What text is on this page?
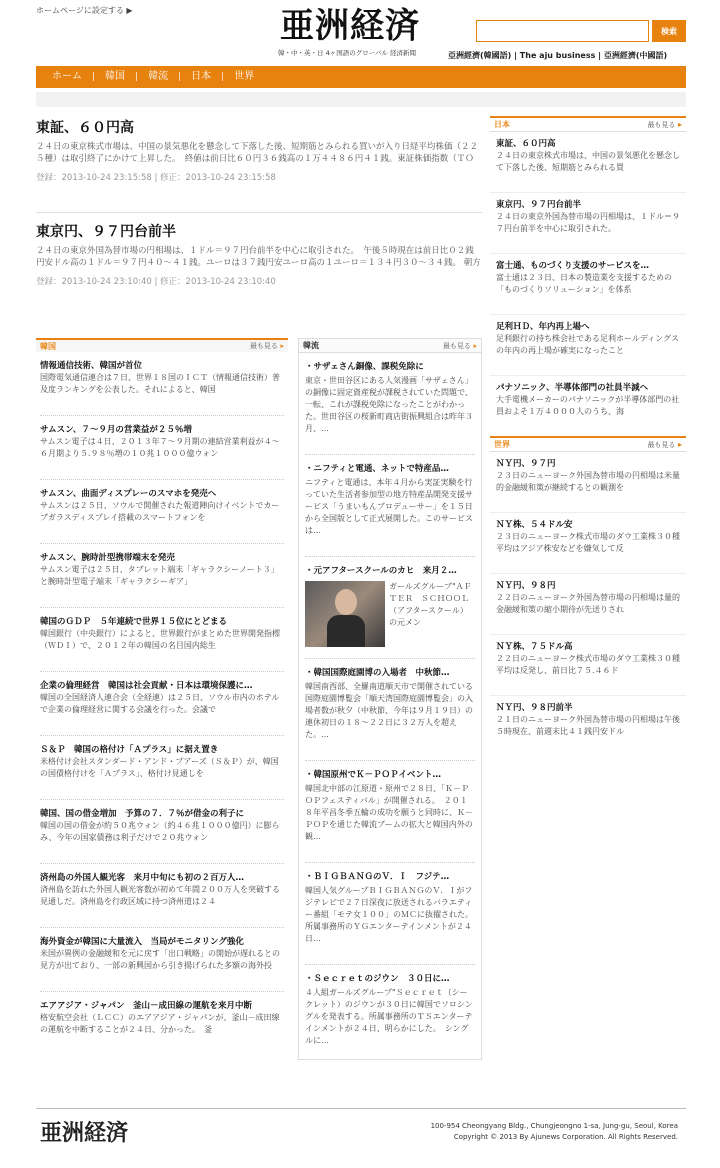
ホームページに設定する ▶	亜洲経済
韓・中・英・日 4ヶ国語のグローバル 経済新聞
検索
亞洲經濟(韓國語) | The aju business | 亞洲經濟(中國語)
ホーム	|	韓国	|	韓流	|	日本	|	世界
東証、６０円高

２４日の東京株式市場は、中国の景気悪化を懸念して下落した後、短期筋とみられる買いが入り日経平均株価（２２５種）は取引終了にかけて上昇した。　終値は前日比６０円３６銭高の１万４４８６円４１銭。東証株価指数（ＴＯ

登録：2013-10-24 23:15:58 | 修正：2013-10-24 23:15:58
東京円、９７円台前半

２４日の東京外国為替市場の円相場は、１ドル＝９７円台前半を中心に取引された。　午後５時現在は前日比０２銭円安ドル高の１ドル＝９７円４０～４１銭。ユーロは３７銭円安ユーロ高の１ユーロ＝１３４円３０～３４銭。 朝方

登録：2013-10-24 23:10:40 | 修正：2013-10-24 23:10:40
韓国	最も見る ▸
情報通信技術、韓国が首位
国際電気通信連合は７日、世界１８国のＩＣＴ（情報通信技術）普及度ランキングを公表した。それによると、韓国
サムスン、７～９月の営業益が２５％増
サムスン電子は４日、２０１３年７～９月期の連結営業利益が４～６月期より５.９８％増の１０兆１０００億ウォン
サムスン、曲面ディスプレーのスマホを発売へ
サムスンは２５日、ソウルで開催された報道陣向けイベントでカーブガラスディスプレイ搭載のスマートフォンを
サムスン、腕時計型携帯端末を発売
サムスン電子は２５日、タブレット端末「ギャラクシーノート３」と腕時計型電子端末「ギャラクシーギア」
韓国のＧＤＰ　５年連続で世界１５位にとどまる
韓国銀行（中央銀行）によると、世界銀行がまとめた世界開発指標（ＷＤＩ）で、２０１２年の韓国の名目国内総生
企業の倫理経営　韓国は社会貢献・日本は環境保護に…
韓国の全国経済人連合会（全経連）は２５日、ソウル市内のホテルで企業の倫理経営に関する会議を行った。会議で
Ｓ＆Ｐ　韓国の格付け「Ａプラス」に据え置き
米格付け会社スタンダード・アンド・プアーズ（Ｓ＆Ｐ）が、韓国の国債格付けを「Ａプラス」、格付け見通しを
韓国、国の借金増加　予算の７．７％が借金の利子に
韓国の国の借金が約５０兆ウォン（約４６兆１０００億円）に膨らみ、今年の国家債務は利子だけで２０兆ウォン
済州島の外国人観光客　来月中旬にも初の２百万人…
済州島を訪れた外国人観光客数が初めて年間２００万人を突破する見通しだ。済州島を行政区域に持つ済州道は２４
海外資金が韓国に大量流入　当局がモニタリング強化
米国が異例の金融緩和を元に戻す「出口戦略」の開始が遅れるとの見方が出ており、一部の新興国から引き揚げられた多額の海外投
エアアジア・ジャパン　釜山－成田線の運航を来月中断
格安航空会社（ＬＣＣ）のエアアジア・ジャパンが、釜山－成田線の運航を中断することが２４日、分かった。　釜
韓流	最も見る ▸
・サザェさん銅像、課税免除に
東京・世田谷区にある人気漫画「サザェさん」の銅像に固定資産税が課税されていた問題で、一転、これが課税免除になったことがわかった。世田谷区の桜新町商店街振興組合は昨年３月、…
・ニフティと電通、ネットで特産品…
ニフティと電通は、本年４月から実証実験を行っていた生活者参加型の地方特産品開発支援サービス「うまいもんプロデューサー」を１５日から全国版として正式展開した。このサービスは…
・元アフタースクールのカヒ　来月２…
ガールズグループ"ＡＦＴＥＲ　ＳＣＨＯＯＬ（アフタースクール）の元メン
・韓国国際庭園博の入場者　中秋節…
韓国南西部、全羅南道順天市で開催されている国際庭園博覧会「順天湾国際庭園博覧会」の入場者数が秋夕（中秋節、今年は９月１９日）の連休初日の１８～２２日に３２万人を超えた。…
・韓国原州でＫ－ＰＯＰイベント…
韓国北中部の江原道・原州で２８日、「Ｋ－ＰＯＰフェスティバル」が開催される。　２０１８年平昌冬季五輪の成功を願うと同時に、Ｋ－ＰＯＰを通じた韓流ブームの拡大と韓国内外の観…
・ＢＩＧＢＡＮＧのＶ．Ｉ　フジテ…
韓国人気グループＢＩＧＢＡＮＧのＶ．Ｉがフジテレビで２７日深夜に放送されるバラエティー番組「モテ女１００」のＭＣに抜擢された。所属事務所のＹＧエンターテインメントが２４日…
・Ｓｅｃｒｅｔのジウン　３０日に…
４人組ガールズグループ"Ｓｅｃｒｅｔ（シークレット）のジウンが３０日に韓国でソロシングルを発表する。所属事務所のＴＳエンターテインメントが２４日、明らかにした。　シングルに…
日本	最も見る ▸
東証、６０円高
２４日の東京株式市場は、中国の景気悪化を懸念して下落した後、短期筋とみられる買
東京円、９７円台前半
２４日の東京外国為替市場の円相場は、１ドル＝９７円台前半を中心に取引された。
富士通、ものづくり支援のサービスを…
富士通は２３日、日本の製造業を支援するための「ものづくりソリューション」を体系
足利ＨＤ、年内再上場へ
足利銀行の持ち株会社である足利ホールディングスの年内の再上場が確実になったこと
パナソニック、半導体部門の社員半減へ
大手電機メーカーのパナソニックが半導体部門の社員およそ１万４０００人のうち、海
世界	最も見る ▸
ＮＹ円、９７円
２３日のニューヨーク外国為替市場の円相場は米量的金融緩和策が継続するとの観測を
ＮＹ株、５４ドル安
２３日のニューヨーク株式市場のダウ工業株３０種平均はアジア株安などを嫌気して反
ＮＹ円、９８円
２２日のニューヨーク外国為替市場の円相場は量的金融緩和策の縮小期待が先送りされ
ＮＹ株、７５ドル高
２２日のニューヨーク株式市場のダウ工業株３０種平均は反発し、前日比７５.４６ド
ＮＹ円、９８円前半
２１日のニューヨーク外国為替市場の円相場は午後５時現在、前週末比４１銭円安ドル
亜洲経済	100-954 Cheongyang Bldg., Chungjeongno 1-sa, Jung-gu, Seoul, Korea
Copyright © 2013 By Ajunews Corporation. All Rights Reserved.
